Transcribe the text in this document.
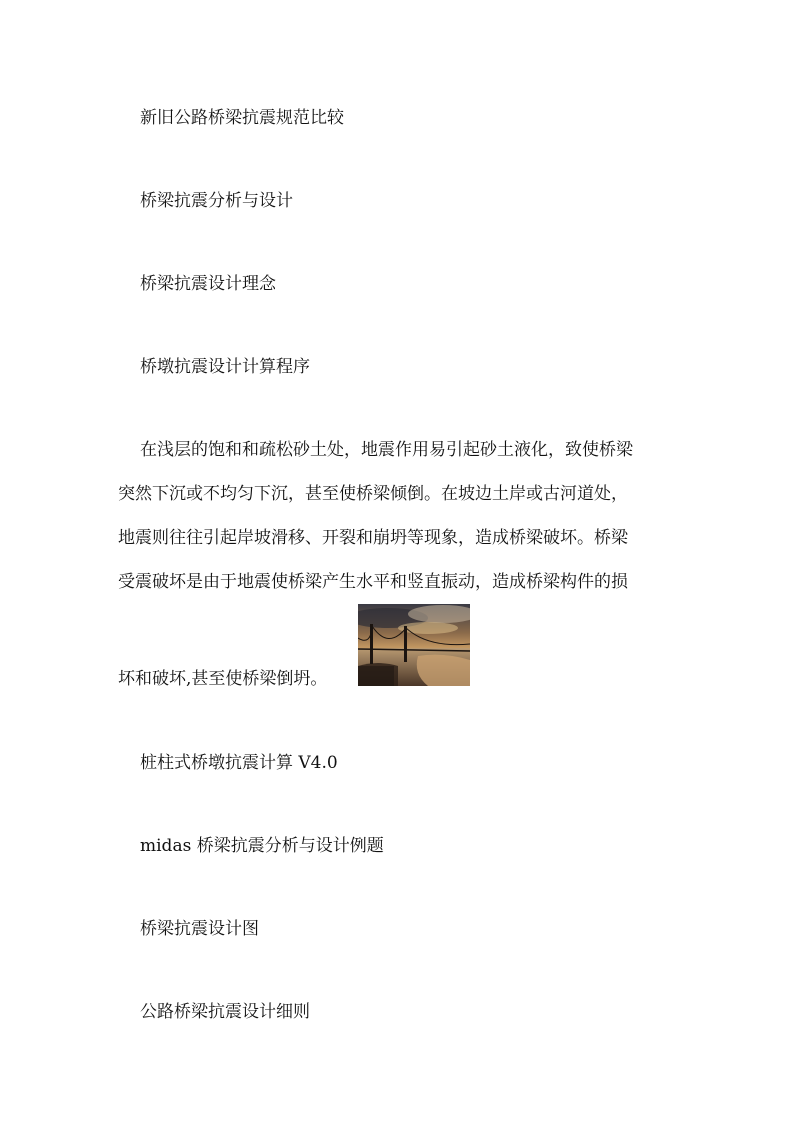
新旧公路桥梁抗震规范比较
桥梁抗震分析与设计
桥梁抗震设计理念
桥墩抗震设计计算程序
在浅层的饱和和疏松砂土处，地震作用易引起砂土液化，致使桥梁
突然下沉或不均匀下沉，甚至使桥梁倾倒。在坡边土岸或古河道处，
地震则往往引起岸坡滑移、开裂和崩坍等现象，造成桥梁破坏。桥梁
受震破坏是由于地震使桥梁产生水平和竖直振动，造成桥梁构件的损
坏和破坏,甚至使桥梁倒坍。
桩柱式桥墩抗震计算 V4.0
midas 桥梁抗震分析与设计例题
桥梁抗震设计图
公路桥梁抗震设计细则
